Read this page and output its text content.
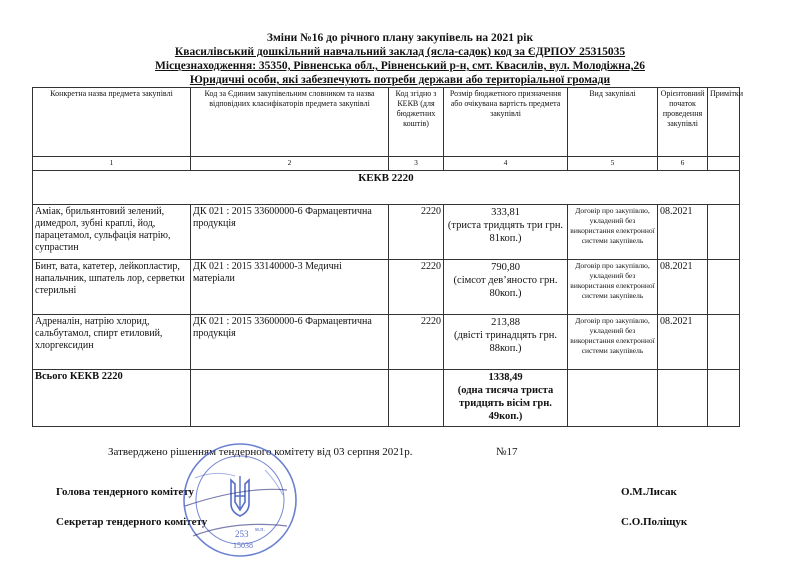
Зміни №16 до річного плану закупівель на 2021 рік
Квасилівський дошкільний навчальний заклад (ясла-садок) код за ЄДРПОУ 25315035
Місцезнаходження: 35350, Рівненська обл., Рівненський р-н, смт. Квасилів, вул. Молодіжна,26
Юридичні особи, які забезпечують потреби держави або територіальної громади
Конкретна назва предмета закупівлі	Код за Єдиним закупівельним словником та назва відповідних класифікаторів предмета закупівлі	Код згідно з КЕКВ (для бюджетних коштів)	Розмір бюджетного призначення або очікувана вартість предмета закупівлі	Вид закупівлі	Орієнтовний початок проведення закупівлі	Примітки
1	2	3	4	5	6	
КЕКВ 2220						
Аміак, брильянтовий зелений, димедрол, зубні краплі, йод, парацетамол, сульфація натрію, супрастин	ДК 021 : 2015 33600000-6 Фармацевтична продукція	2220	333,81
(триста тридцять три грн. 81коп.)	Договір про закупівлю, укладений без використання електронної системи закупівель	08.2021	
Бинт, вата, катетер, лейкопластир, напальчник, шпатель лор, серветки стерильні	ДК 021 : 2015 33140000-3 Медичні матеріали	2220	790,80
(сімсот дев’яносто грн. 80коп.)	Договір про закупівлю, укладений без використання електронної системи закупівель	08.2021	
Адреналін, натрію хлорид, сальбутамол, спирт етиловий, хлоргексидин	ДК 021 : 2015 33600000-6 Фармацевтична продукція	2220	213,88
(двісті тринадцять грн. 88коп.)	Договір про закупівлю, укладений без використання електронної системи закупівель	08.2021	
Всього КЕКВ 2220			1338,49
(одна тисяча триста тридцять вісім грн. 49коп.)			

Затверджено рішенням тендерного комітету від 03 серпня 2021р.	№17
Голова тендерного комітету	О.М.Лисак
Секретар тендерного комітету	С.О.Поліщук
253 м.п.
15038
